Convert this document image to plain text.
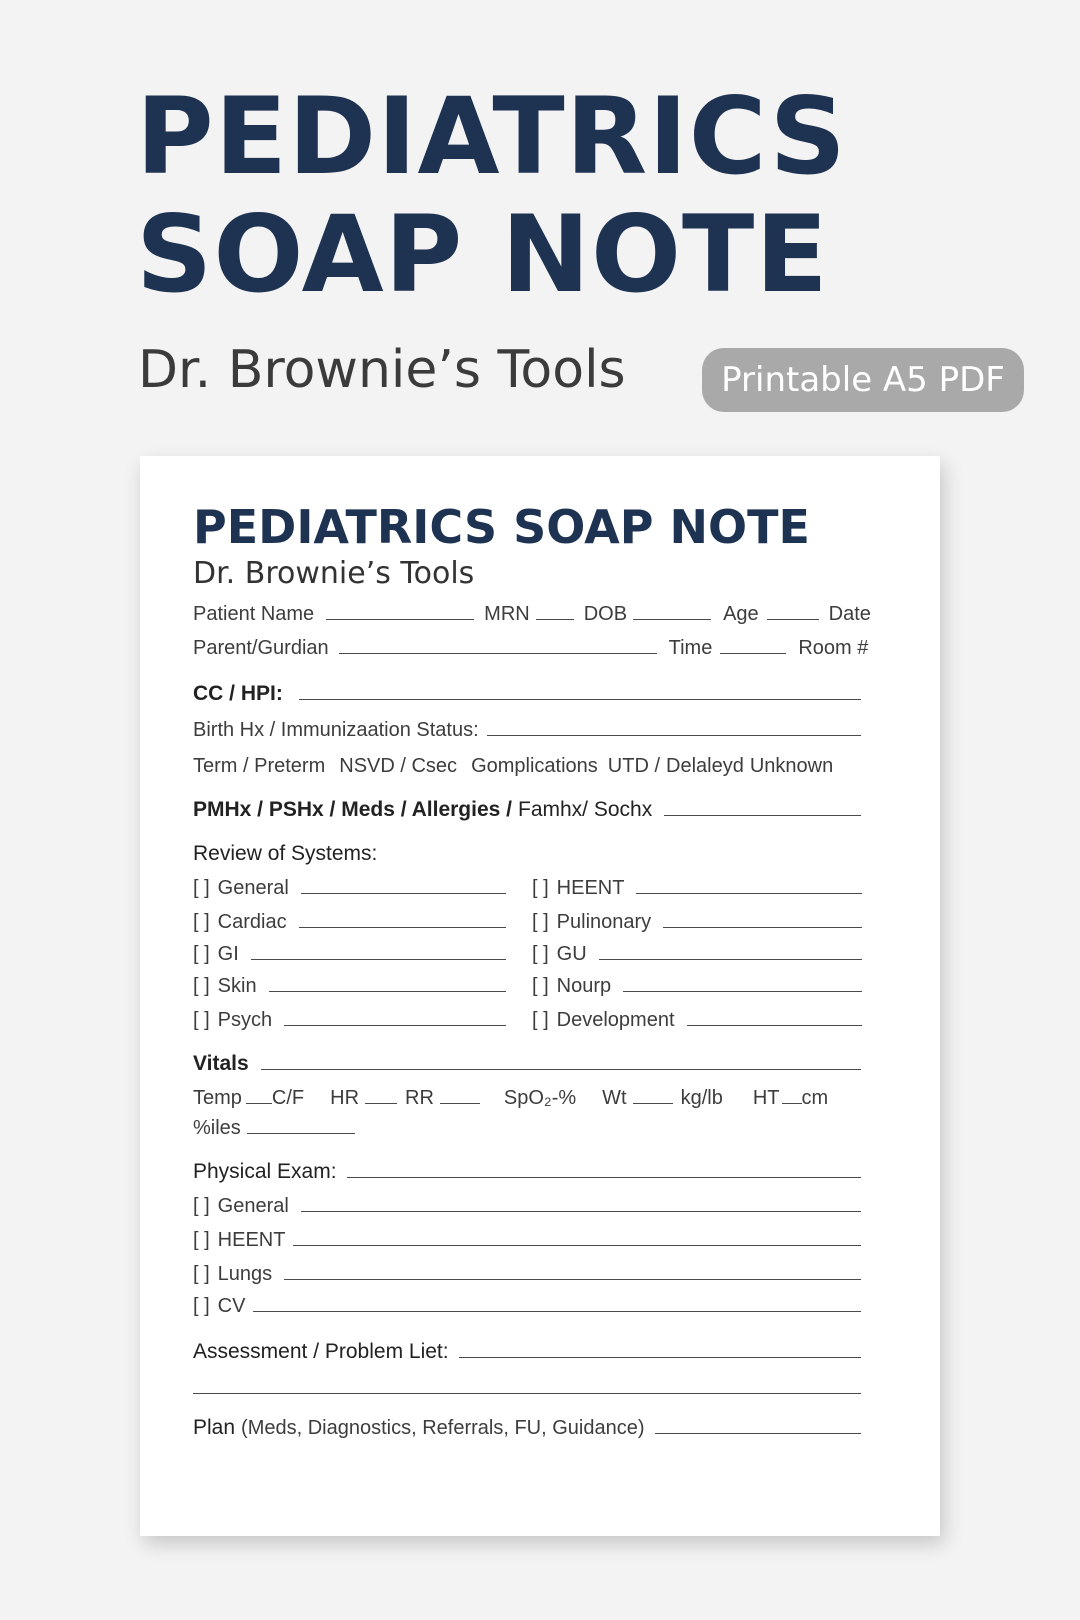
PEDIATRICS
SOAP NOTE
Dr. Brownie’s Tools	Printable A5 PDF
PEDIATRICS SOAP NOTE
Dr. Brownie’s Tools
Patient Name	MRN	DOB	Age	Date
Parent/Gurdian	Time	Room #
CC / HPI:
Birth Hx / Immunizaation Status:
Term / Preterm NSVD / Csec Gomplications UTD / Delaleyd Unknown
PMHx / PSHx / Meds / Allergies / Famhx/ Sochx
Review of Systems:
[ ] General	[ ] HEENT
[ ] Cardiac	[ ] Pulinonary
[ ] GI	[ ] GU
[ ] Skin	[ ] Nourp
[ ] Psych	[ ] Development
Vitals
Temp C/F HR RR	SpO₂-% Wt	kg/lb HT cm
%iles
Physical Exam:
[ ] General
[ ] HEENT
[ ] Lungs
[ ] CV
Assessment / Problem Liet:
Plan (Meds, Diagnostics, Referrals, FU, Guidance)
